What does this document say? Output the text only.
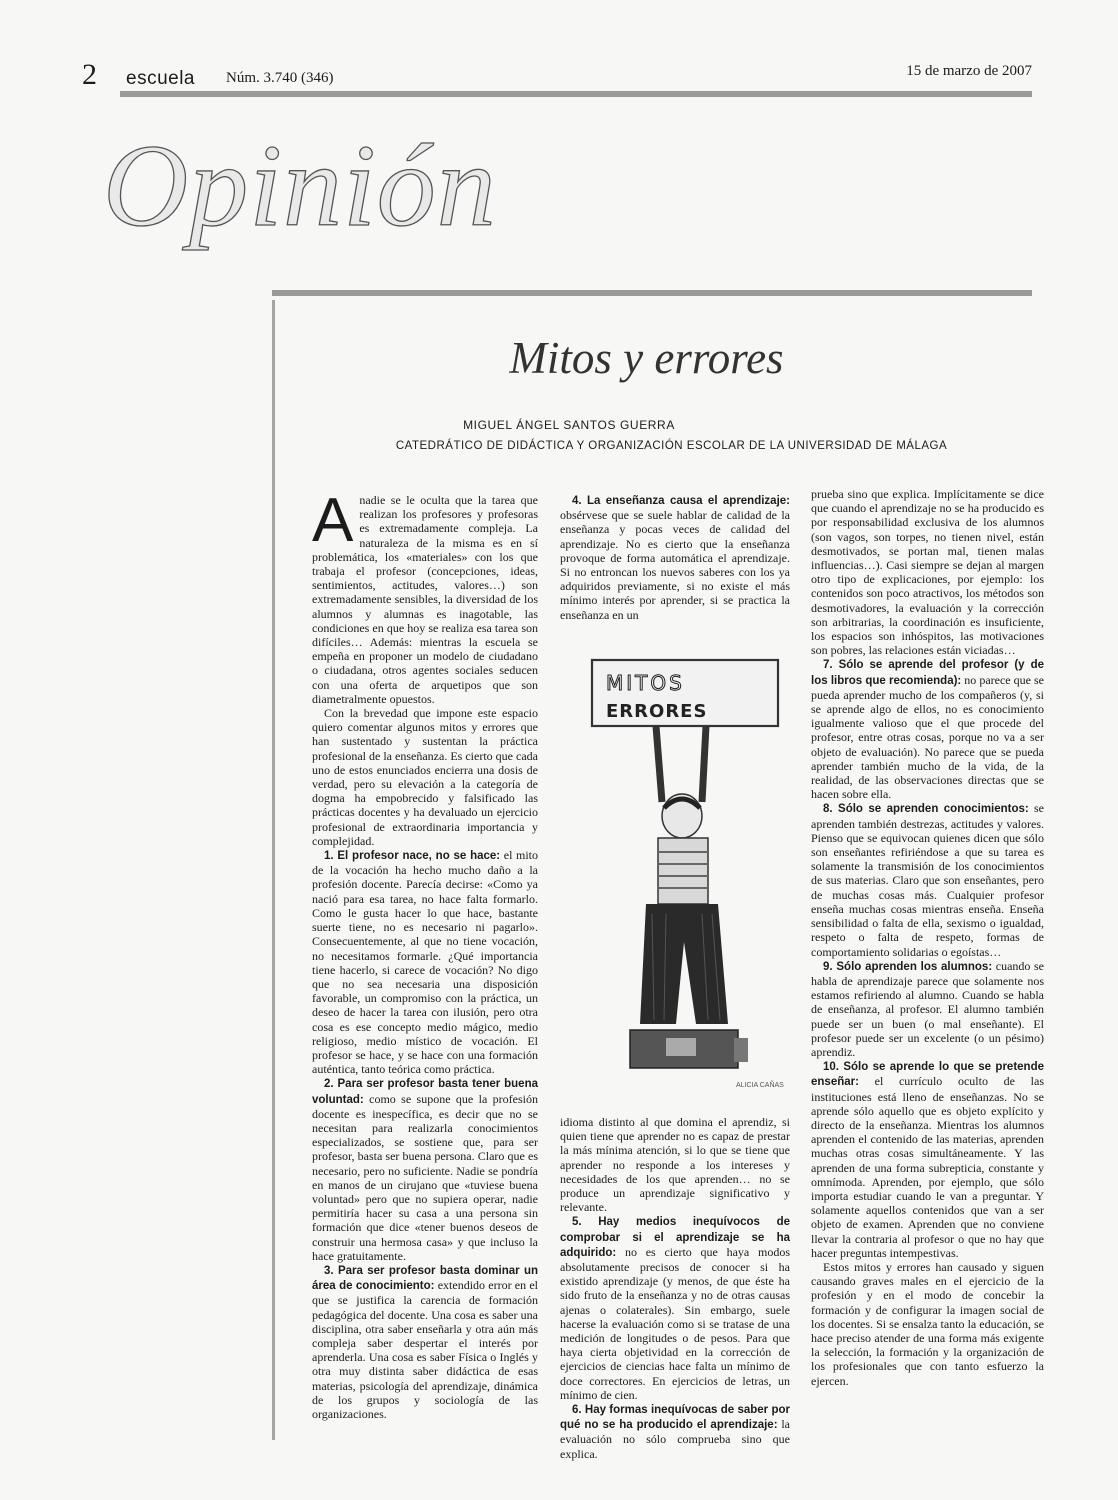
2 escuela Núm. 3.740 (346)	15 de marzo de 2007
Opinión
Mitos y errores
MIGUEL ÁNGEL SANTOS GUERRA
CATEDRÁTICO DE DIDÁCTICA Y ORGANIZACIÓN ESCOLAR DE LA UNIVERSIDAD DE MÁLAGA

Anadie se le oculta que la tarea que realizan los profesores y profesoras es extremadamente compleja. La naturaleza de la misma es en sí problemática, los «materiales» con los que trabaja el profesor (concepciones, ideas, sentimientos, actitudes, valores…) son extremadamente sensibles, la diversidad de los alumnos y alumnas es inagotable, las condiciones en que hoy se realiza esa tarea son difíciles… Además: mientras la escuela se empeña en proponer un modelo de ciudadano o ciudadana, otros agentes sociales seducen con una oferta de arquetipos que son diametralmente opuestos.

Con la brevedad que impone este espacio quiero comentar algunos mitos y errores que han sustentado y sustentan la práctica profesional de la enseñanza. Es cierto que cada uno de estos enunciados encierra una dosis de verdad, pero su elevación a la categoría de dogma ha empobrecido y falsificado las prácticas docentes y ha devaluado un ejercicio profesional de extraordinaria importancia y complejidad.

1. El profesor nace, no se hace: el mito de la vocación ha hecho mucho daño a la profesión docente. Parecía decirse: «Como ya nació para esa tarea, no hace falta formarlo. Como le gusta hacer lo que hace, bastante suerte tiene, no es necesario ni pagarlo». Consecuentemente, al que no tiene vocación, no necesitamos formarle. ¿Qué importancia tiene hacerlo, si carece de vocación? No digo que no sea necesaria una disposición favorable, un compromiso con la práctica, un deseo de hacer la tarea con ilusión, pero otra cosa es ese concepto medio mágico, medio religioso, medio místico de vocación. El profesor se hace, y se hace con una formación auténtica, tanto teórica como práctica.

2. Para ser profesor basta tener buena voluntad: como se supone que la profesión docente es inespecífica, es decir que no se necesitan para realizarla conocimientos especializados, se sostiene que, para ser profesor, basta ser buena persona. Claro que es necesario, pero no suficiente. Nadie se pondría en manos de un cirujano que «tuviese buena voluntad» pero que no supiera operar, nadie permitiría hacer su casa a una persona sin formación que dice «tener buenos deseos de construir una hermosa casa» y que incluso la hace gratuitamente.

3. Para ser profesor basta dominar un área de conocimiento: extendido error en el que se justifica la carencia de formación pedagógica del docente. Una cosa es saber una disciplina, otra saber enseñarla y otra aún más compleja saber despertar el interés por aprenderla. Una cosa es saber Física o Inglés y otra muy distinta saber didáctica de esas materias, psicología del aprendizaje, dinámica de los grupos y sociología de las organizaciones.

4. La enseñanza causa el aprendizaje: obsérvese que se suele hablar de calidad de la enseñanza y pocas veces de calidad del aprendizaje. No es cierto que la enseñanza provoque de forma automática el aprendizaje. Si no entroncan los nuevos saberes con los ya adquiridos previamente, si no existe el más mínimo interés por aprender, si se practica la enseñanza en un

MITOS
ERRORES
ALICIA CAÑAS

idioma distinto al que domina el aprendiz, si quien tiene que aprender no es capaz de prestar la más mínima atención, si lo que se tiene que aprender no responde a los intereses y necesidades de los que aprenden… no se produce un aprendizaje significativo y relevante.

5. Hay medios inequívocos de comprobar si el aprendizaje se ha adquirido: no es cierto que haya modos absolutamente precisos de conocer si ha existido aprendizaje (y menos, de que éste ha sido fruto de la enseñanza y no de otras causas ajenas o colaterales). Sin embargo, suele hacerse la evaluación como si se tratase de una medición de longitudes o de pesos. Para que haya cierta objetividad en la corrección de ejercicios de ciencias hace falta un mínimo de doce correctores. En ejercicios de letras, un mínimo de cien.

6. Hay formas inequívocas de saber por qué no se ha producido el aprendizaje: la evaluación no sólo comprueba sino que explica.

prueba sino que explica. Implícitamente se dice que cuando el aprendizaje no se ha producido es por responsabilidad exclusiva de los alumnos (son vagos, son torpes, no tienen nivel, están desmotivados, se portan mal, tienen malas influencias…). Casi siempre se dejan al margen otro tipo de explicaciones, por ejemplo: los contenidos son poco atractivos, los métodos son desmotivadores, la evaluación y la corrección son arbitrarias, la coordinación es insuficiente, los espacios son inhóspitos, las motivaciones son pobres, las relaciones están viciadas…

7. Sólo se aprende del profesor (y de los libros que recomienda): no parece que se pueda aprender mucho de los compañeros (y, si se aprende algo de ellos, no es conocimiento igualmente valioso que el que procede del profesor, entre otras cosas, porque no va a ser objeto de evaluación). No parece que se pueda aprender también mucho de la vida, de la realidad, de las observaciones directas que se hacen sobre ella.

8. Sólo se aprenden conocimientos: se aprenden también destrezas, actitudes y valores. Pienso que se equivocan quienes dicen que sólo son enseñantes refiriéndose a que su tarea es solamente la transmisión de los conocimientos de sus materias. Claro que son enseñantes, pero de muchas cosas más. Cualquier profesor enseña muchas cosas mientras enseña. Enseña sensibilidad o falta de ella, sexismo o igualdad, respeto o falta de respeto, formas de comportamiento solidarias o egoístas…

9. Sólo aprenden los alumnos: cuando se habla de aprendizaje parece que solamente nos estamos refiriendo al alumno. Cuando se habla de enseñanza, al profesor. El alumno también puede ser un buen (o mal enseñante). El profesor puede ser un excelente (o un pésimo) aprendiz.

10. Sólo se aprende lo que se pretende enseñar: el currículo oculto de las instituciones está lleno de enseñanzas. No se aprende sólo aquello que es objeto explícito y directo de la enseñanza. Mientras los alumnos aprenden el contenido de las materias, aprenden muchas otras cosas simultáneamente. Y las aprenden de una forma subrepticia, constante y omnímoda. Aprenden, por ejemplo, que sólo importa estudiar cuando le van a preguntar. Y solamente aquellos contenidos que van a ser objeto de examen. Aprenden que no conviene llevar la contraria al profesor o que no hay que hacer preguntas intempestivas.

Estos mitos y errores han causado y siguen causando graves males en el ejercicio de la profesión y en el modo de concebir la formación y de configurar la imagen social de los docentes. Si se ensalza tanto la educación, se hace preciso atender de una forma más exigente la selección, la formación y la organización de los profesionales que con tanto esfuerzo la ejercen.
